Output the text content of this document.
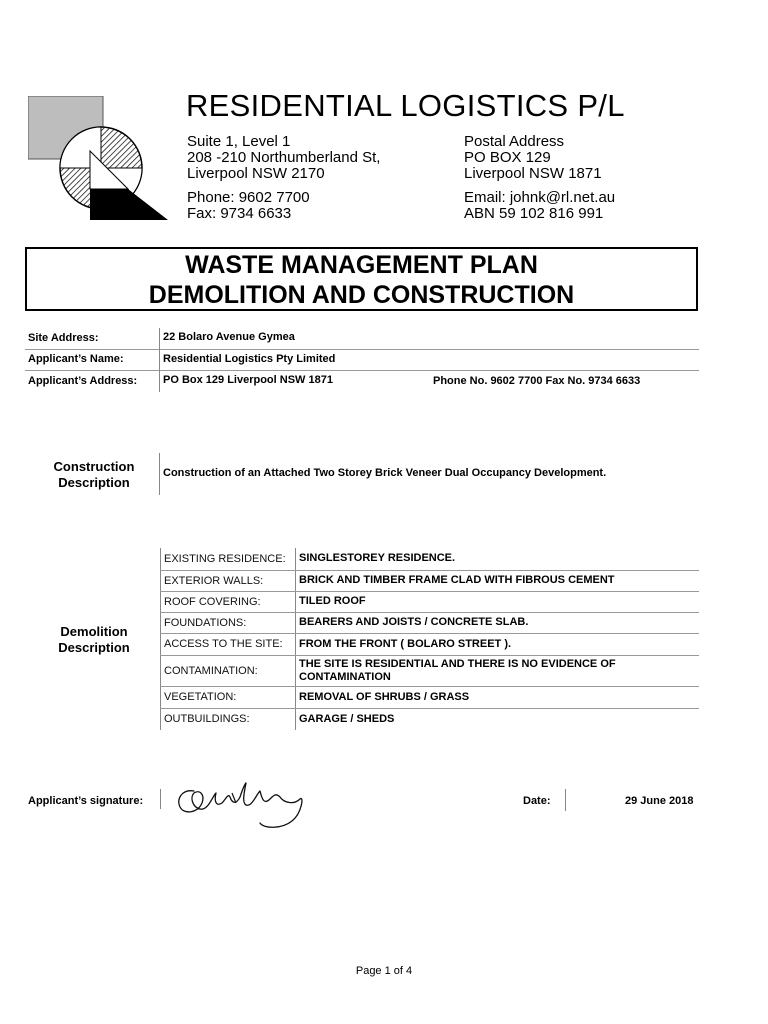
RESIDENTIAL LOGISTICS P/L
Suite 1, Level 1
208 -210 Northumberland St,
Liverpool NSW 2170
Postal Address
PO BOX 129
Liverpool NSW 1871
Phone: 9602 7700
Fax: 9734 6633
Email: johnk@rl.net.au
ABN 59 102 816 991
WASTE MANAGEMENT PLAN
DEMOLITION AND CONSTRUCTION
Site Address:	22 Bolaro Avenue Gymea
Applicant’s Name:	Residential Logistics Pty Limited
Applicant’s Address: PO Box 129 Liverpool NSW 1871	Phone No. 9602 7700 Fax No. 9734 6633
Construction
Description
Construction of an Attached Two Storey Brick Veneer Dual Occupancy Development.
Demolition
Description
EXISTING RESIDENCE:	SINGLESTOREY RESIDENCE.
EXTERIOR WALLS:	BRICK AND TIMBER FRAME CLAD WITH FIBROUS CEMENT
ROOF COVERING:	TILED ROOF
FOUNDATIONS:	BEARERS AND JOISTS / CONCRETE SLAB.
ACCESS TO THE SITE:	FROM THE FRONT ( BOLARO STREET ).
CONTAMINATION:	THE SITE IS RESIDENTIAL AND THERE IS NO EVIDENCE OF CONTAMINATION
VEGETATION:	REMOVAL OF SHRUBS / GRASS
OUTBUILDINGS:	GARAGE / SHEDS
Applicant’s signature:	Date:	29 June 2018
Page 1 of 4
